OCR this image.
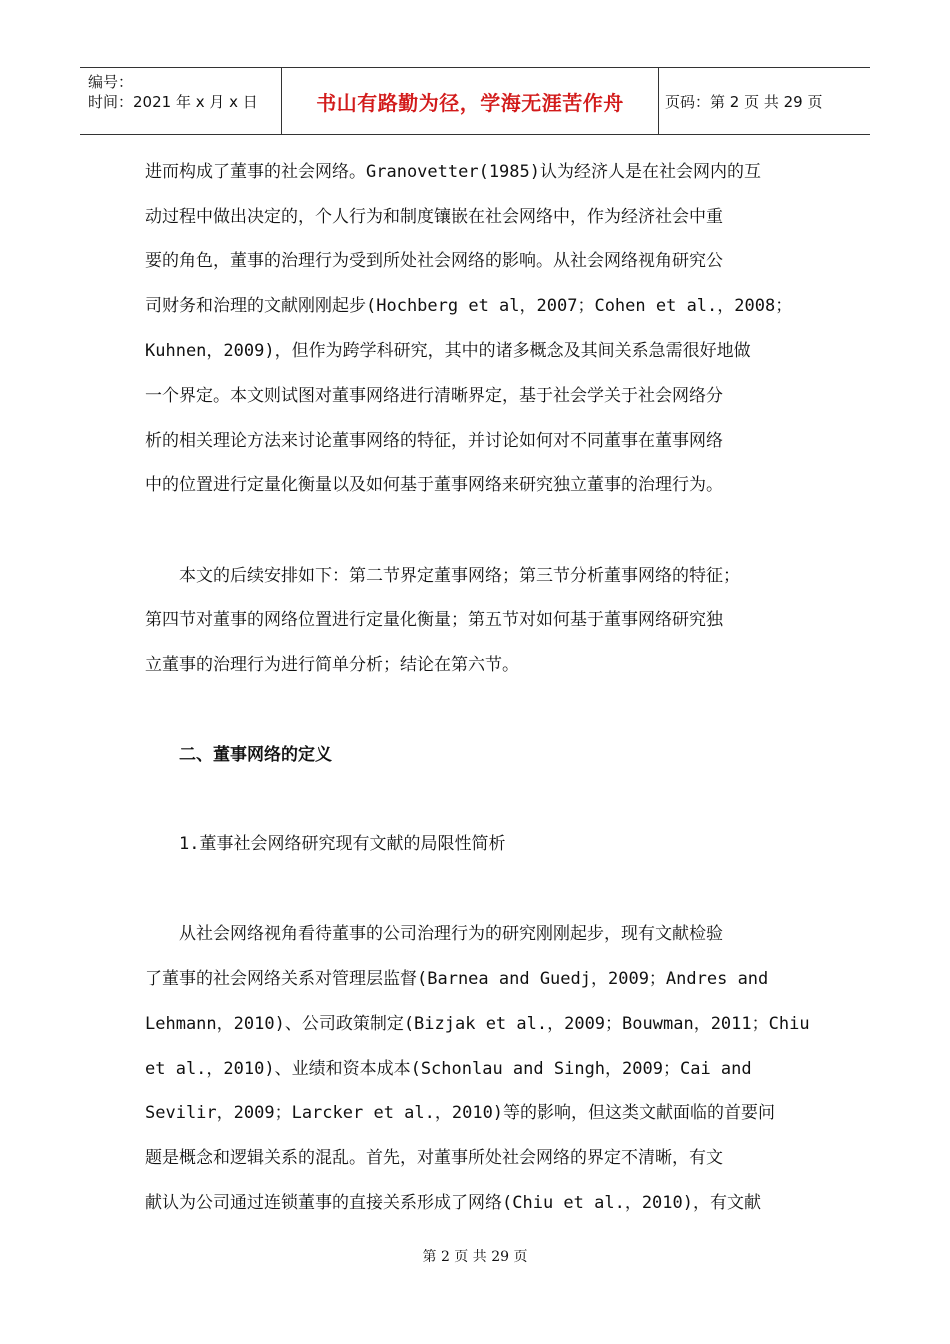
编号：
时间：2021 年 x 月 x 日	书山有路勤为径，学海无涯苦作舟	页码：第 2 页 共 29 页
进而构成了董事的社会网络。Granovetter(1985)认为经济人是在社会网内的互
动过程中做出决定的，个人行为和制度镶嵌在社会网络中，作为经济社会中重
要的角色，董事的治理行为受到所处社会网络的影响。从社会网络视角研究公
司财务和治理的文献刚刚起步(Hochberg et al，2007；Cohen et al.，2008；
Kuhnen，2009)，但作为跨学科研究，其中的诸多概念及其间关系急需很好地做
一个界定。本文则试图对董事网络进行清晰界定，基于社会学关于社会网络分
析的相关理论方法来讨论董事网络的特征，并讨论如何对不同董事在董事网络
中的位置进行定量化衡量以及如何基于董事网络来研究独立董事的治理行为。
　　本文的后续安排如下：第二节界定董事网络；第三节分析董事网络的特征；
第四节对董事的网络位置进行定量化衡量；第五节对如何基于董事网络研究独
立董事的治理行为进行简单分析；结论在第六节。
　　二、董事网络的定义
　　1.董事社会网络研究现有文献的局限性简析
　　从社会网络视角看待董事的公司治理行为的研究刚刚起步，现有文献检验
了董事的社会网络关系对管理层监督(Barnea and Guedj，2009；Andres and
Lehmann，2010)、公司政策制定(Bizjak et al.，2009；Bouwman，2011；Chiu
et al.，2010)、业绩和资本成本(Schonlau and Singh，2009；Cai and
Sevilir，2009；Larcker et al.，2010)等的影响，但这类文献面临的首要问
题是概念和逻辑关系的混乱。首先，对董事所处社会网络的界定不清晰，有文
献认为公司通过连锁董事的直接关系形成了网络(Chiu et al.，2010)，有文献
第 2 页 共 29 页
